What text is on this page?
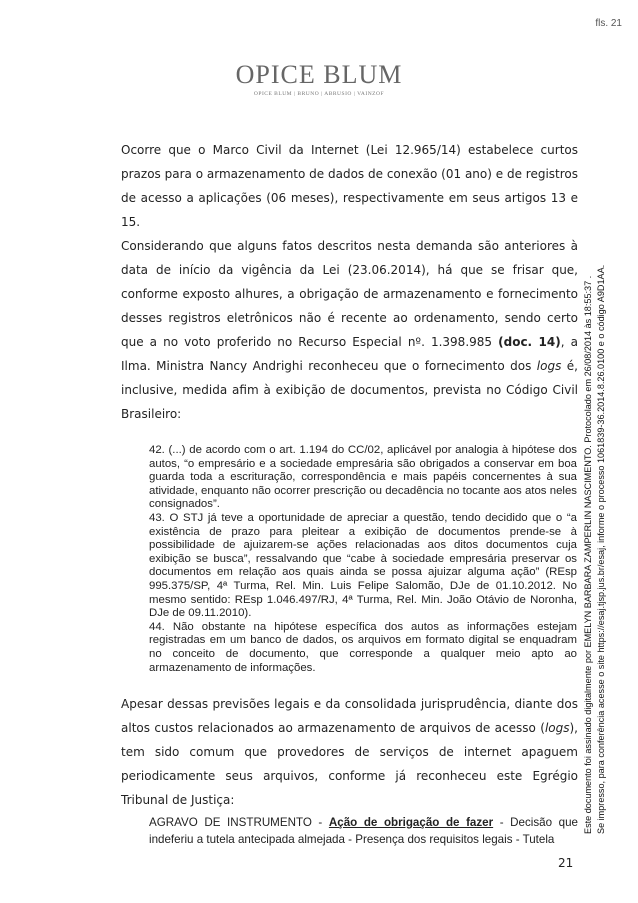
fls. 21
OPICE BLUM
OPICE BLUM | BRUNO | ABRUSIO | VAINZOF

Ocorre que o Marco Civil da Internet (Lei 12.965/14) estabelece curtos prazos para o armazenamento de dados de conexão (01 ano) e de registros de acesso a aplicações (06 meses), respectivamente em seus artigos 13 e 15.

Considerando que alguns fatos descritos nesta demanda são anteriores à data de início da vigência da Lei (23.06.2014), há que se frisar que, conforme exposto alhures, a obrigação de armazenamento e fornecimento desses registros eletrônicos não é recente ao ordenamento, sendo certo que a no voto proferido no Recurso Especial nº. 1.398.985 (doc. 14), a Ilma. Ministra Nancy Andrighi reconheceu que o fornecimento dos logs é, inclusive, medida afim à exibição de documentos, prevista no Código Civil Brasileiro:

42. (...) de acordo com o art. 1.194 do CC/02, aplicável por analogia à hipótese dos autos, “o empresário e a sociedade empresária são obrigados a conservar em boa guarda toda a escrituração, correspondência e mais papéis concernentes à sua atividade, enquanto não ocorrer prescrição ou decadência no tocante aos atos neles consignados”.

43. O STJ já teve a oportunidade de apreciar a questão, tendo decidido que o “a existência de prazo para pleitear a exibição de documentos prende-se à possibilidade de ajuizarem-se ações relacionadas aos ditos documentos cuja exibição se busca”, ressalvando que “cabe à sociedade empresária preservar os documentos em relação aos quais ainda se possa ajuizar alguma ação” (REsp 995.375/SP, 4ª Turma, Rel. Min. Luis Felipe Salomão, DJe de 01.10.2012. No mesmo sentido: REsp 1.046.497/RJ, 4ª Turma, Rel. Min. João Otávio de Noronha, DJe de 09.11.2010).

44. Não obstante na hipótese específica dos autos as informações estejam registradas em um banco de dados, os arquivos em formato digital se enquadram no conceito de documento, que corresponde a qualquer meio apto ao armazenamento de informações.

Apesar dessas previsões legais e da consolidada jurisprudência, diante dos altos custos relacionados ao armazenamento de arquivos de acesso (logs), tem sido comum que provedores de serviços de internet apaguem periodicamente seus arquivos, conforme já reconheceu este Egrégio Tribunal de Justiça:

AGRAVO DE INSTRUMENTO - Ação de obrigação de fazer - Decisão que indeferiu a tutela antecipada almejada - Presença dos requisitos legais - Tutela

21
Este documento foi assinado digitalmente por EMELYN BARBARA ZAMPERLIN NASCIMENTO. Protocolado em 26/08/2014 às 18:55:37 . Se impresso, para conferência acesse o site https://esaj.tjsp.jus.br/esaj, informe o processo 1061839-36.2014.8.26.0100 e o código A9D1AA.
